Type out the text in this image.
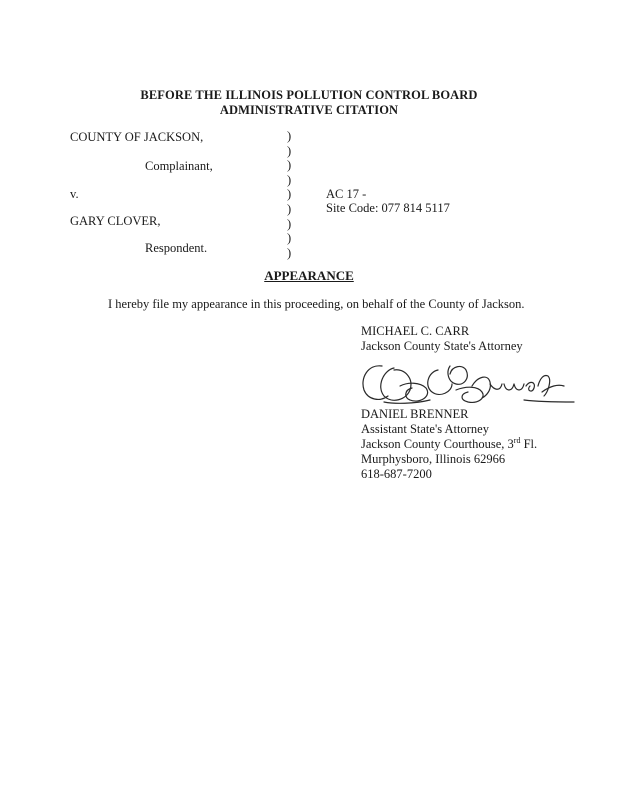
BEFORE THE ILLINOIS POLLUTION CONTROL BOARD
ADMINISTRATIVE CITATION
COUNTY OF JACKSON,
Complainant,
v.
GARY CLOVER,
Respondent.
)
)
)
)
)
)
)
)
)
AC 17 -
Site Code: 077 814 5117
APPEARANCE
I hereby file my appearance in this proceeding, on behalf of the County of Jackson.
MICHAEL C. CARR
Jackson County State's Attorney
DANIEL BRENNER
Assistant State's Attorney
Jackson County Courthouse, 3rd Fl.
Murphysboro, Illinois 62966
618-687-7200
